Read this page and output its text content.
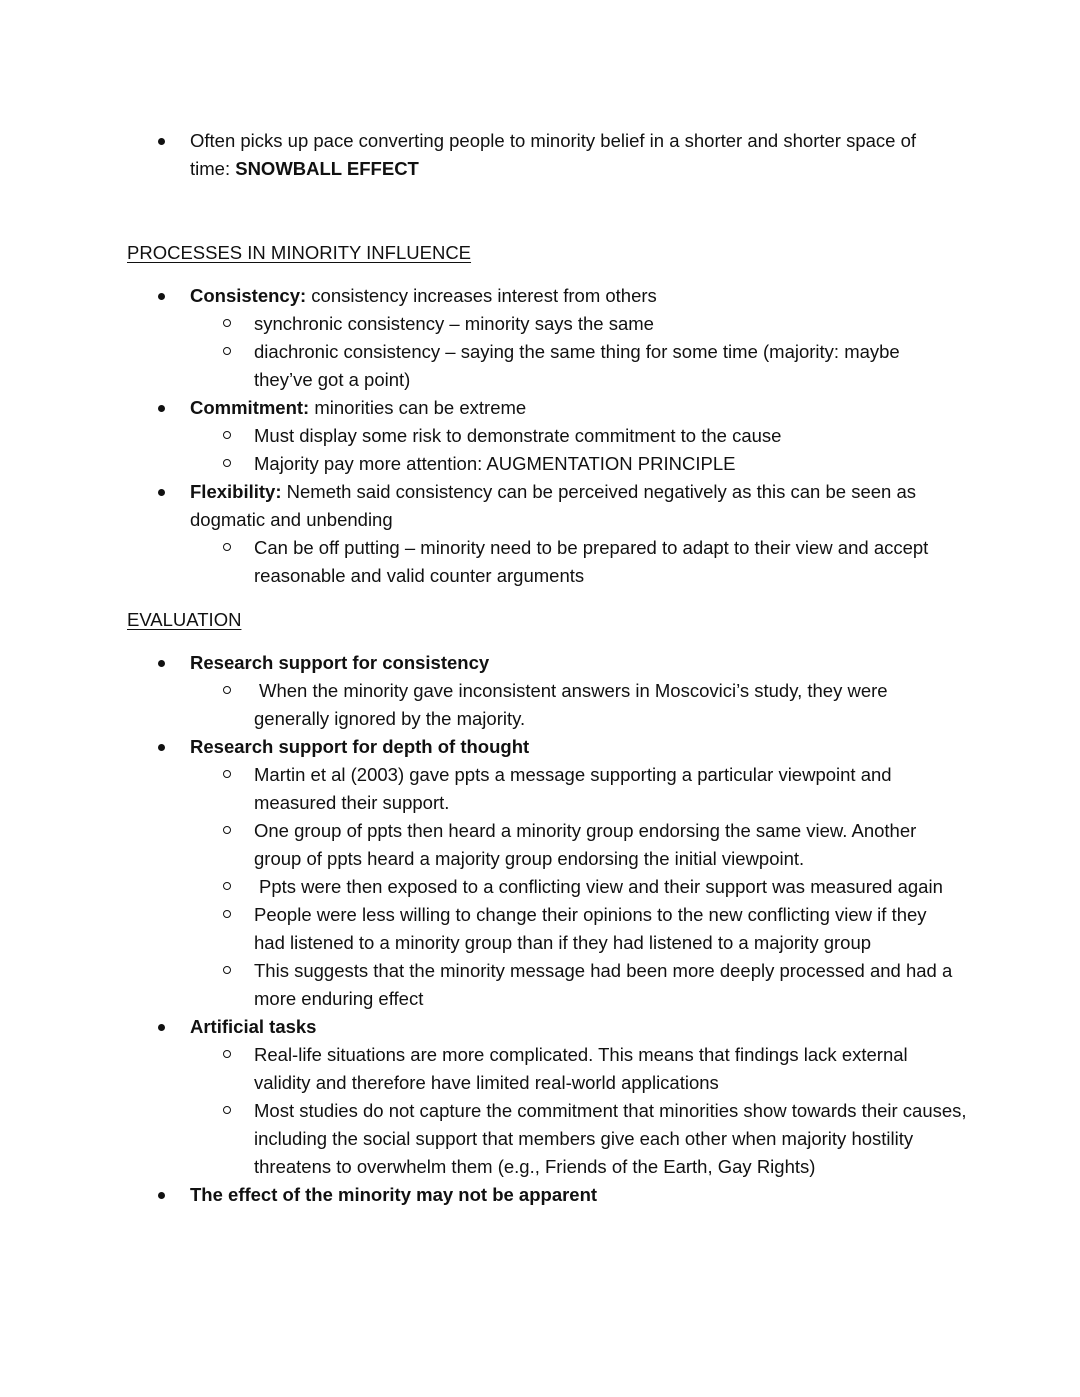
Often picks up pace converting people to minority belief in a shorter and shorter space of time: SNOWBALL EFFECT
PROCESSES IN MINORITY INFLUENCE
Consistency: consistency increases interest from others
synchronic consistency – minority says the same
diachronic consistency – saying the same thing for some time (majority: maybe they’ve got a point)
Commitment: minorities can be extreme
Must display some risk to demonstrate commitment to the cause
Majority pay more attention: AUGMENTATION PRINCIPLE
Flexibility: Nemeth said consistency can be perceived negatively as this can be seen as dogmatic and unbending
Can be off putting – minority need to be prepared to adapt to their view and accept reasonable and valid counter arguments
EVALUATION
Research support for consistency
When the minority gave inconsistent answers in Moscovici’s study, they were generally ignored by the majority.
Research support for depth of thought
Martin et al (2003) gave ppts a message supporting a particular viewpoint and measured their support.
One group of ppts then heard a minority group endorsing the same view. Another group of ppts heard a majority group endorsing the initial viewpoint.
Ppts were then exposed to a conflicting view and their support was measured again
People were less willing to change their opinions to the new conflicting view if they had listened to a minority group than if they had listened to a majority group
This suggests that the minority message had been more deeply processed and had a more enduring effect
Artificial tasks
Real-life situations are more complicated. This means that findings lack external validity and therefore have limited real-world applications
Most studies do not capture the commitment that minorities show towards their causes, including the social support that members give each other when majority hostility threatens to overwhelm them (e.g., Friends of the Earth, Gay Rights)
The effect of the minority may not be apparent
